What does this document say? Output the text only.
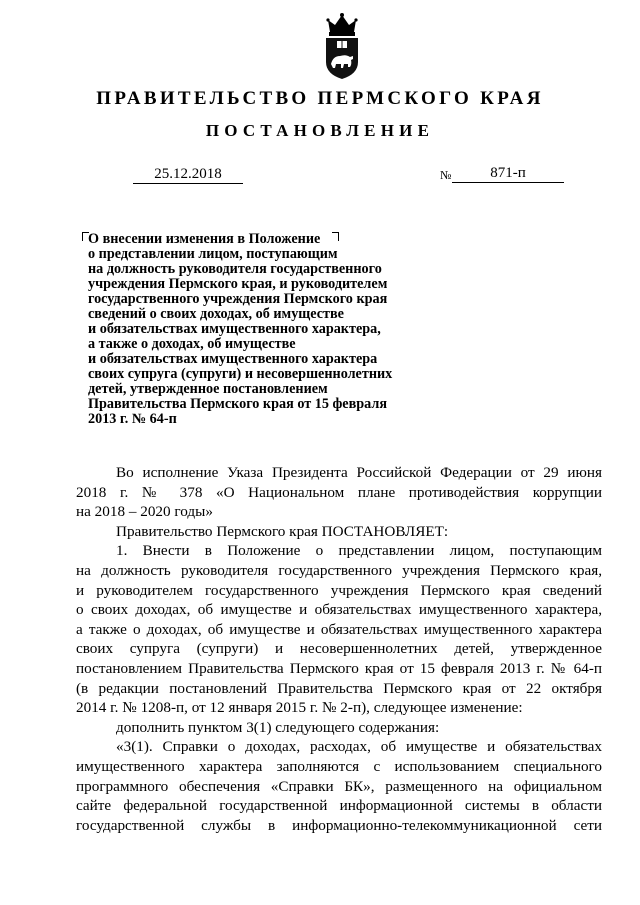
ПРАВИТЕЛЬСТВО ПЕРМСКОГО КРАЯ
ПОСТАНОВЛЕНИЕ
25.12.2018	№	871-п
О внесении изменения в Положение
о представлении лицом, поступающим
на должность руководителя государственного
учреждения Пермского края, и руководителем
государственного учреждения Пермского края
сведений о своих доходах, об имуществе
и обязательствах имущественного характера,
а также о доходах, об имуществе
и обязательствах имущественного характера
своих супруга (супруги) и несовершеннолетних
детей, утвержденное постановлением
Правительства Пермского края от 15 февраля
2013 г. № 64-п

Во исполнение Указа Президента Российской Федерации от 29 июня

2018 г. № 378 «О Национальном плане противодействия коррупции

на 2018 – 2020 годы»

Правительство Пермского края ПОСТАНОВЛЯЕТ:

1. Внести в Положение о представлении лицом, поступающим

на должность руководителя государственного учреждения Пермского края,

и руководителем государственного учреждения Пермского края сведений

о своих доходах, об имуществе и обязательствах имущественного характера,

а также о доходах, об имуществе и обязательствах имущественного характера

своих супруга (супруги) и несовершеннолетних детей, утвержденное

постановлением Правительства Пермского края от 15 февраля 2013 г. № 64-п

(в редакции постановлений Правительства Пермского края от 22 октября

2014 г. № 1208-п, от 12 января 2015 г. № 2-п), следующее изменение:

дополнить пунктом 3(1) следующего содержания:

«3(1). Справки о доходах, расходах, об имуществе и обязательствах

имущественного характера заполняются с использованием специального

программного обеспечения «Справки БК», размещенного на официальном

сайте федеральной государственной информационной системы в области

государственной службы в информационно-телекоммуникационной сети
